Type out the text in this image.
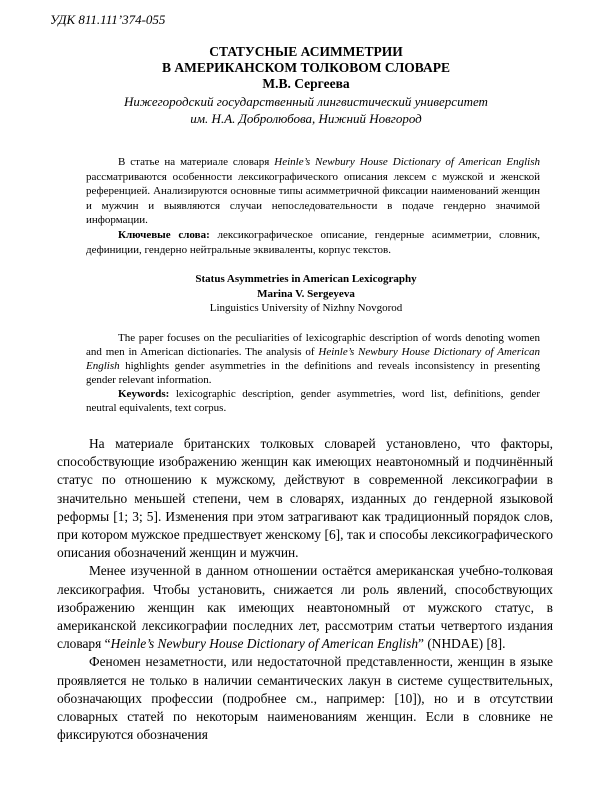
УДК 811.111’374-055
СТАТУСНЫЕ АСИММЕТРИИ
В АМЕРИКАНСКОМ ТОЛКОВОМ СЛОВАРЕ
М.В. Сергеева
Нижегородский государственный лингвистический университет
им. Н.А. Добролюбова, Нижний Новгород

В статье на материале словаря Heinle’s Newbury House Dictionary of American English рассматриваются особенности лексикографического описания лексем с мужской и женской референцией. Анализируются основные типы асимметричной фиксации наименований женщин и мужчин и выявляются случаи непоследовательности в подаче гендерно значимой информации.

Ключевые слова: лексикографическое описание, гендерные асимметрии, словник, дефиниции, гендерно нейтральные эквиваленты, корпус текстов.

Status Asymmetries in American Lexicography
Marina V. Sergeyeva
Linguistics University of Nizhny Novgorod

The paper focuses on the peculiarities of lexicographic description of words denoting women and men in American dictionaries. The analysis of Heinle’s Newbury House Dictionary of American English highlights gender asymmetries in the definitions and reveals inconsistency in presenting gender relevant information.

Keywords: lexicographic description, gender asymmetries, word list, definitions, gender neutral equivalents, text corpus.

На материале британских толковых словарей установлено, что факторы, способствующие изображению женщин как имеющих неавтономный и подчинённый статус по отношению к мужскому, действуют в современной лексикографии в значительно меньшей степени, чем в словарях, изданных до гендерной языковой реформы [1; 3; 5]. Изменения при этом затрагивают как традиционный порядок слов, при котором мужское предшествует женскому [6], так и способы лексикографического описания обозначений женщин и мужчин.

Менее изученной в данном отношении остаётся американская учебно-толковая лексикография. Чтобы установить, снижается ли роль явлений, способствующих изображению женщин как имеющих неавтономный от мужского статус, в американской лексикографии последних лет, рассмотрим статьи четвертого издания словаря “Heinle’s Newbury House Dictionary of American English” (NHDAE) [8].

Феномен незаметности, или недостаточной представленности, женщин в языке проявляется не только в наличии семантических лакун в системе существительных, обозначающих профессии (подробнее см., например: [10]), но и в отсутствии словарных статей по некоторым наименованиям женщин. Если в словнике не фиксируются обозначения
